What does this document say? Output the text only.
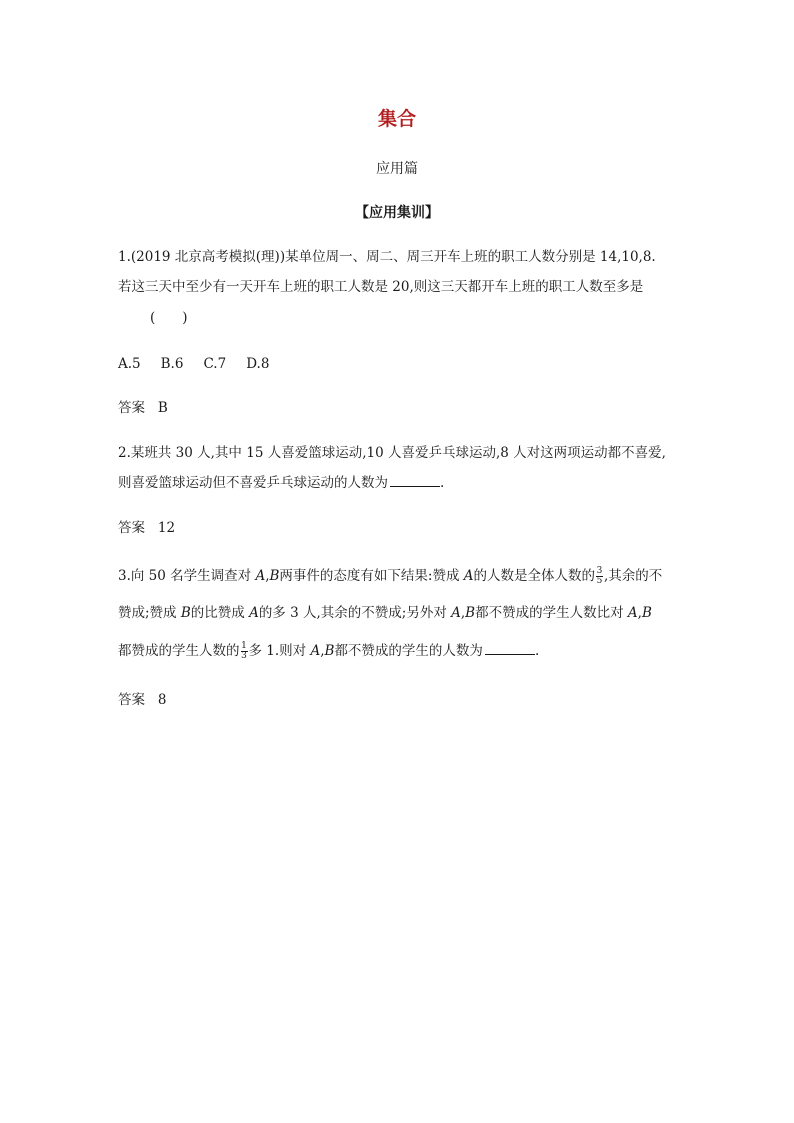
集合
应用篇
【应用集训】
1.(2019 北京高考模拟(理))某单位周一、周二、周三开车上班的职工人数分别是 14,10,8.
若这三天中至少有一天开车上班的职工人数是 20,则这三天都开车上班的职工人数至多是
(　　)
A.5 B.6 C.7 D.8
答案 B
2.某班共 30 人,其中 15 人喜爱篮球运动,10 人喜爱乒乓球运动,8 人对这两项运动都不喜爱,
则喜爱篮球运动但不喜爱乒乓球运动的人数为	.
答案 12
3.向 50 名学生调查对 A,B两事件的态度有如下结果:赞成 A的人数是全体人数的 $\frac{3}{5}$ ,其余的不
赞成;赞成 B的比赞成 A的多 3 人,其余的不赞成;另外对 A,B都不赞成的学生人数比对 A,B
都赞成的学生人数的 $\frac{1}{3}$ 多 1.则对 A,B都不赞成的学生的人数为	.
答案 8
